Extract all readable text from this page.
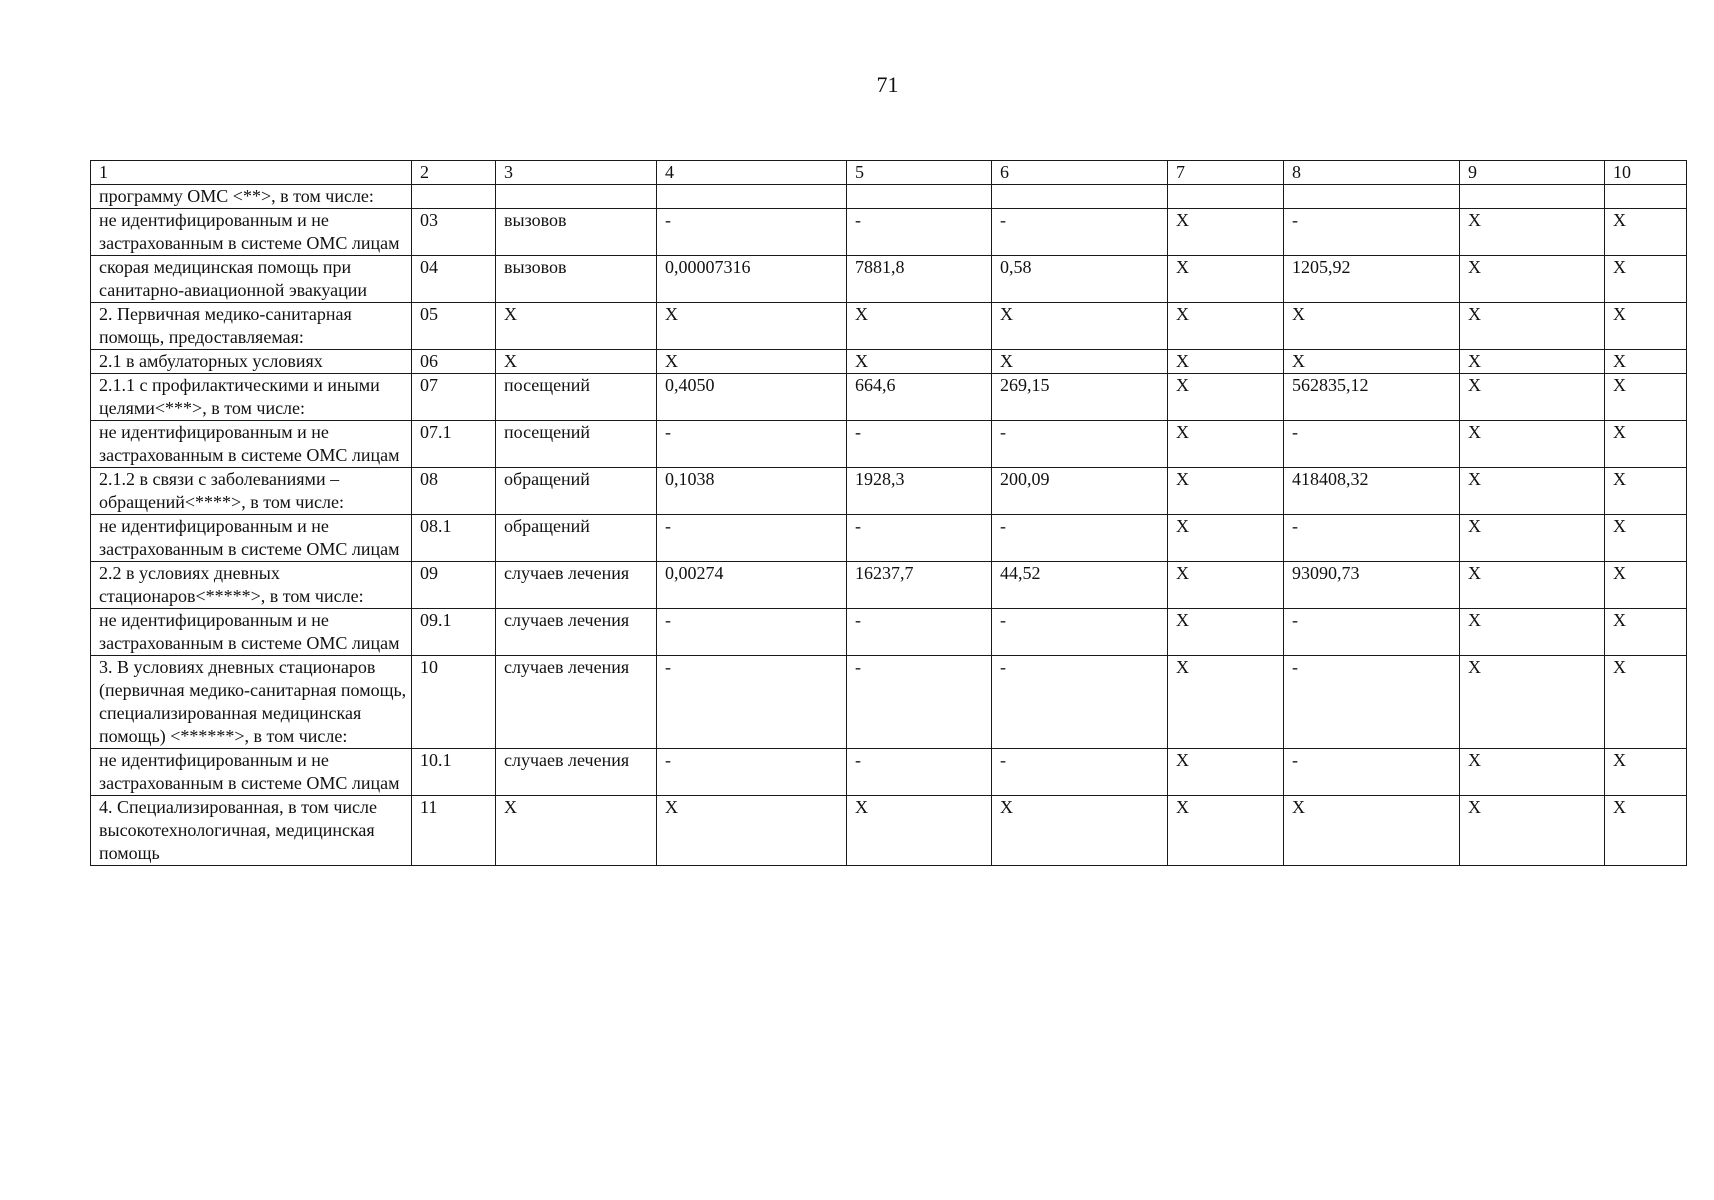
71
1	2	3	4	5	6	7	8	9	10
программу ОМС <**>, в том числе:									
не идентифицированным и не застрахованным в системе ОМС лицам	03	вызовов	-	-	-	X	-	X	X
скорая медицинская помощь при санитарно-авиационной эвакуации	04	вызовов	0,00007316	7881,8	0,58	X	1205,92	X	X
2. Первичная медико-санитарная помощь, предоставляемая:	05	X	X	X	X	X	X	X	X
2.1 в амбулаторных условиях	06	X	X	X	X	X	X	X	X
2.1.1 с профилактическими и иными целями<***>, в том числе:	07	посещений	0,4050	664,6	269,15	X	562835,12	X	X
не идентифицированным и не застрахованным в системе ОМС лицам	07.1	посещений	-	-	-	X	-	X	X
2.1.2 в связи с заболеваниями – обращений<****>, в том числе:	08	обращений	0,1038	1928,3	200,09	X	418408,32	X	X
не идентифицированным и не застрахованным в системе ОМС лицам	08.1	обращений	-	-	-	X	-	X	X
2.2 в условиях дневных стационаров<*****>, в том числе:	09	случаев лечения	0,00274	16237,7	44,52	X	93090,73	X	X
не идентифицированным и не застрахованным в системе ОМС лицам	09.1	случаев лечения	-	-	-	X	-	X	X
3. В условиях дневных стационаров (первичная медико-санитарная помощь, специализированная медицинская помощь) <******>, в том числе:	10	случаев лечения	-	-	-	X	-	X	X
не идентифицированным и не застрахованным в системе ОМС лицам	10.1	случаев лечения	-	-	-	X	-	X	X
4. Специализированная, в том числе высокотехнологичная, медицинская помощь	11	X	X	X	X	X	X	X	X
